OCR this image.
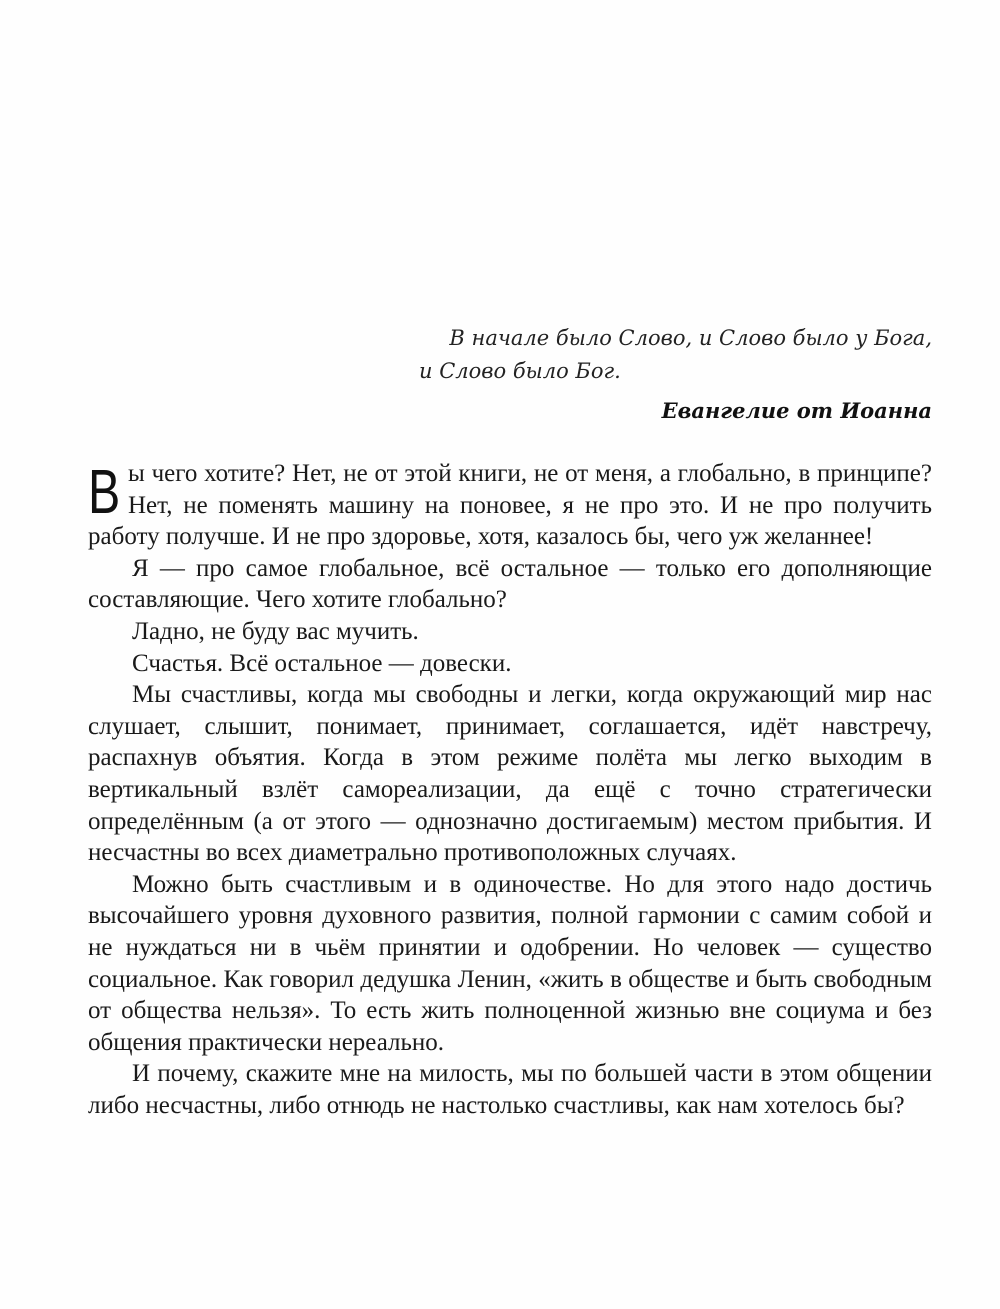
В начале было Слово, и Слово было у Бога,
и Слово было Бог.
Евангелие от Иоанна

Вы чего хотите? Нет, не от этой книги, не от меня, а глобально, в принципе? Нет, не поменять машину на поновее, я не про это. И не про получить работу получше. И не про здоровье, хотя, казалось бы, чего уж желаннее!

Я — про самое глобальное, всё остальное — только его дополняющие составляющие. Чего хотите глобально?

Ладно, не буду вас мучить.

Счастья. Всё остальное — довески.

Мы счастливы, когда мы свободны и легки, когда окружающий мир нас слушает, слышит, понимает, принимает, соглашается, идёт навстречу, распахнув объятия. Когда в этом режиме полёта мы легко выходим в вертикальный взлёт самореализации, да ещё с точно стратегически определённым (а от этого — однозначно достигаемым) местом прибытия. И несчастны во всех диаметрально противоположных случаях.

Можно быть счастливым и в одиночестве. Но для этого надо достичь высочайшего уровня духовного развития, полной гармонии с самим собой и не нуждаться ни в чьём принятии и одобрении. Но человек — существо социальное. Как говорил дедушка Ленин, «жить в обществе и быть свободным от общества нельзя». То есть жить полноценной жизнью вне социума и без общения практически нереально.

И почему, скажите мне на милость, мы по большей части в этом общении либо несчастны, либо отнюдь не настолько счастливы, как нам хотелось бы?
